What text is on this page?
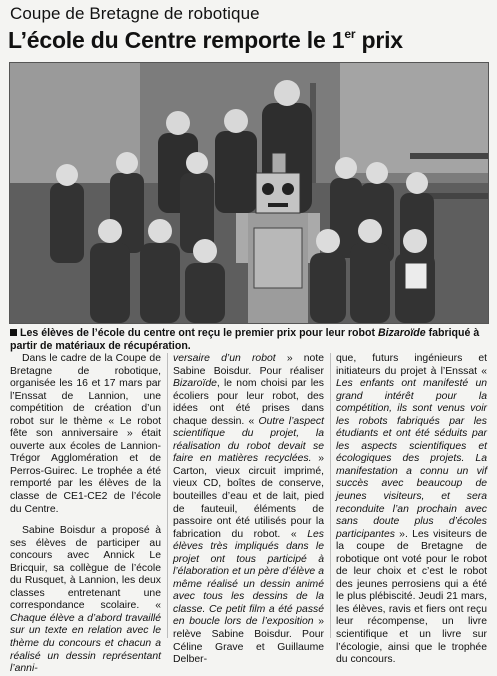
Coupe de Bretagne de robotique
L’école du Centre remporte le 1er prix
Les élèves de l’école du centre ont reçu le premier prix pour leur robot Bizaroïde fabriqué à partir de matériaux de récupération.

Dans le cadre de la Coupe de Bretagne de robotique, organisée les 16 et 17 mars par l’Enssat de Lannion, une compétition de création d’un robot sur le thème « Le robot fête son anniversaire » était ouverte aux écoles de Lannion-Trégor Agglomération et de Perros-Guirec. Le trophée a été remporté par les élèves de la classe de CE1-CE2 de l’école du Centre.

Sabine Boisdur a proposé à ses élèves de participer au concours avec Annick Le Bricquir, sa collègue de l’école du Rusquet, à Lannion, les deux classes entretenant une correspondance scolaire. « Chaque élève a d’abord travaillé sur un texte en relation avec le thème du concours et chacun a réalisé un dessin représentant l’anni-

versaire d’un robot » note Sabine Boisdur. Pour réaliser Bizaroïde, le nom choisi par les écoliers pour leur robot, des idées ont été prises dans chaque dessin. « Outre l’aspect scientifique du projet, la réalisation du robot devait se faire en matières recyclées. » Carton, vieux circuit imprimé, vieux CD, boîtes de conserve, bouteilles d’eau et de lait, pied de fauteuil, éléments de passoire ont été utilisés pour la fabrication du robot. « Les élèves très impliqués dans le projet ont tous participé à l’élaboration et un père d’élève a même réalisé un dessin animé avec tous les dessins de la classe. Ce petit film a été passé en boucle lors de l’exposition » relève Sabine Boisdur. Pour Céline Grave et Guillaume Delber-

que, futurs ingénieurs et initiateurs du projet à l’Enssat « Les enfants ont manifesté un grand intérêt pour la compétition, ils sont venus voir les robots fabriqués par les étudiants et ont été séduits par les aspects scientifiques et écologiques des projets. La manifestation a connu un vif succès avec beaucoup de jeunes visiteurs, et sera reconduite l’an prochain avec sans doute plus d’écoles participantes ». Les visiteurs de la coupe de Bretagne de robotique ont voté pour le robot de leur choix et c’est le robot des jeunes perrosiens qui a été le plus plébiscité. Jeudi 21 mars, les élèves, ravis et fiers ont reçu leur récompense, un livre scientifique et un livre sur l’écologie, ainsi que le trophée du concours.
